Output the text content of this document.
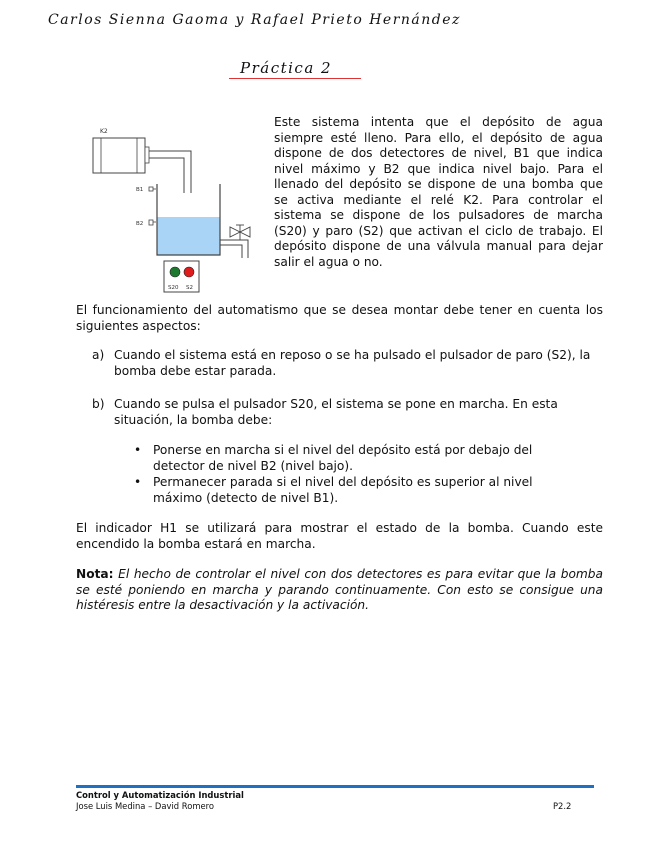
Carlos Sienna Gaoma y Rafael Prieto Hernández
Práctica 2
K2
B1
B2
S20 S2
Este sistema intenta que el depósito de agua siempre esté lleno. Para ello, el depósito de agua dispone de dos detectores de nivel, B1 que indica nivel máximo y B2 que indica nivel bajo. Para el llenado del depósito se dispone de una bomba que se activa mediante el relé K2. Para controlar el sistema se dispone de los pulsadores de marcha (S20) y paro (S2) que activan el ciclo de trabajo. El depósito dispone de una válvula manual para dejar salir el agua o no.
El funcionamiento del automatismo que se desea montar debe tener en cuenta los siguientes aspectos:
a) Cuando el sistema está en reposo o se ha pulsado el pulsador de paro (S2), la bomba debe estar parada.
b) Cuando se pulsa el pulsador S20, el sistema se pone en marcha. En esta situación, la bomba debe:
• Ponerse en marcha si el nivel del depósito está por debajo del detector de nivel B2 (nivel bajo).
• Permanecer parada si el nivel del depósito es superior al nivel máximo (detecto de nivel B1).
El indicador H1 se utilizará para mostrar el estado de la bomba. Cuando este encendido la bomba estará en marcha.
Nota: El hecho de controlar el nivel con dos detectores es para evitar que la bomba se esté poniendo en marcha y parando continuamente. Con esto se consigue una histéresis entre la desactivación y la activación.
Control y Automatización Industrial
Jose Luis Medina – David Romero	P2.2
